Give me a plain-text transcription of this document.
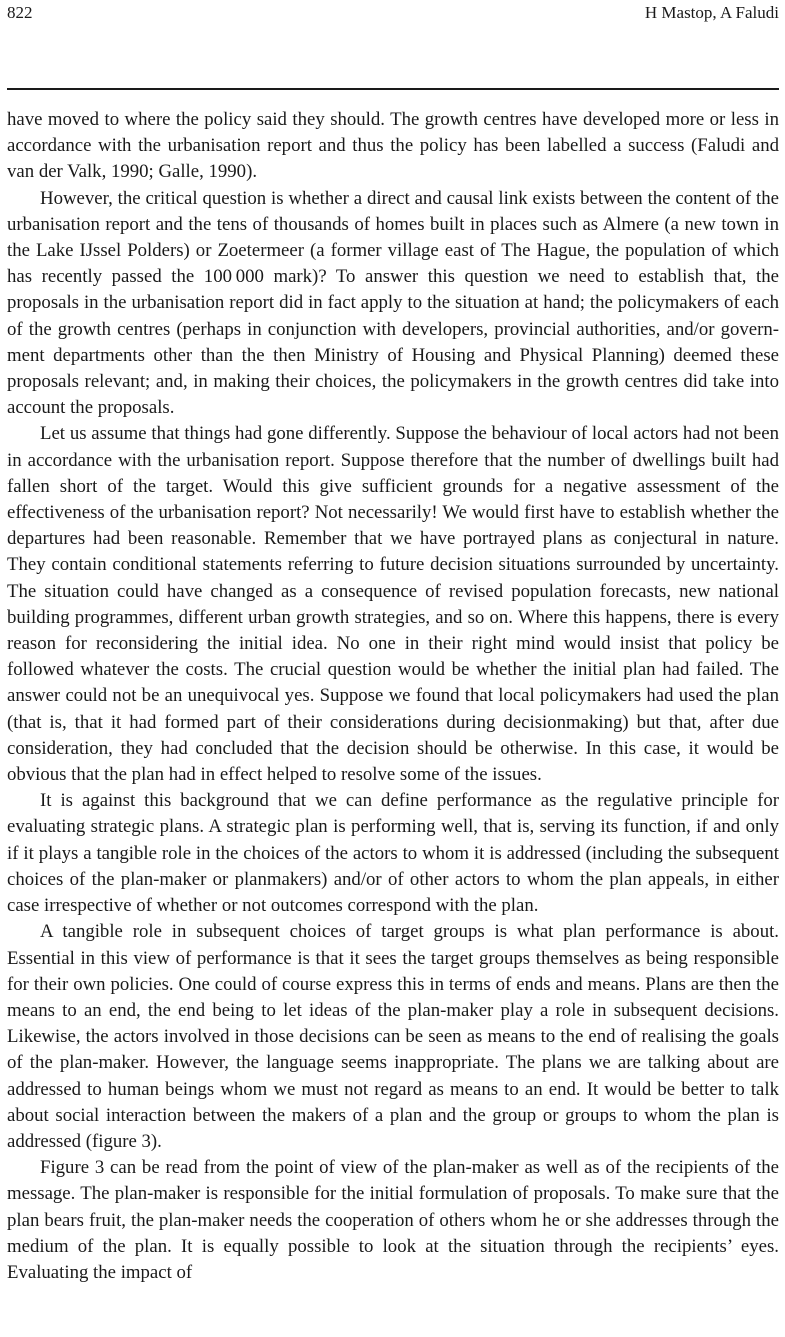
822	H Mastop, A Faludi

have moved to where the policy said they should. The growth centres have developed more or less in accordance with the urbanisation report and thus the policy has been labelled a success (Faludi and van der Valk, 1990; Galle, 1990).

However, the critical question is whether a direct and causal link exists between the content of the urbanisation report and the tens of thousands of homes built in places such as Almere (a new town in the Lake IJssel Polders) or Zoetermeer (a former village east of The Hague, the population of which has recently passed the 100 000 mark)? To answer this question we need to establish that, the proposals in the urbanisation report did in fact apply to the situation at hand; the policymakers of each of the growth centres (perhaps in conjunction with developers, provincial authorities, and/or government departments other than the then Ministry of Housing and Physical Planning) deemed these proposals relevant; and, in making their choices, the policymakers in the growth centres did take into account the proposals.

Let us assume that things had gone differently. Suppose the behaviour of local actors had not been in accordance with the urbanisation report. Suppose therefore that the number of dwellings built had fallen short of the target. Would this give sufficient grounds for a negative assessment of the effectiveness of the urbanisation report? Not necessarily! We would first have to establish whether the departures had been reasonable. Remember that we have portrayed plans as conjectural in nature. They contain conditional statements referring to future decision situations surrounded by uncertainty. The situation could have changed as a consequence of revised population forecasts, new national building programmes, different urban growth strategies, and so on. Where this happens, there is every reason for reconsidering the initial idea. No one in their right mind would insist that policy be followed whatever the costs. The crucial question would be whether the initial plan had failed. The answer could not be an unequivocal yes. Suppose we found that local policymakers had used the plan (that is, that it had formed part of their considerations during decisionmaking) but that, after due consideration, they had concluded that the decision should be otherwise. In this case, it would be obvious that the plan had in effect helped to resolve some of the issues.

It is against this background that we can define performance as the regulative principle for evaluating strategic plans. A strategic plan is performing well, that is, serving its function, if and only if it plays a tangible role in the choices of the actors to whom it is addressed (including the subsequent choices of the plan-maker or planmakers) and/or of other actors to whom the plan appeals, in either case irrespective of whether or not outcomes correspond with the plan.

A tangible role in subsequent choices of target groups is what plan performance is about. Essential in this view of performance is that it sees the target groups themselves as being responsible for their own policies. One could of course express this in terms of ends and means. Plans are then the means to an end, the end being to let ideas of the plan-maker play a role in subsequent decisions. Likewise, the actors involved in those decisions can be seen as means to the end of realising the goals of the plan-maker. However, the language seems inappropriate. The plans we are talking about are addressed to human beings whom we must not regard as means to an end. It would be better to talk about social interaction between the makers of a plan and the group or groups to whom the plan is addressed (figure 3).

Figure 3 can be read from the point of view of the plan-maker as well as of the recipients of the message. The plan-maker is responsible for the initial formulation of proposals. To make sure that the plan bears fruit, the plan-maker needs the cooperation of others whom he or she addresses through the medium of the plan. It is equally possible to look at the situation through the recipients’ eyes. Evaluating the impact of
